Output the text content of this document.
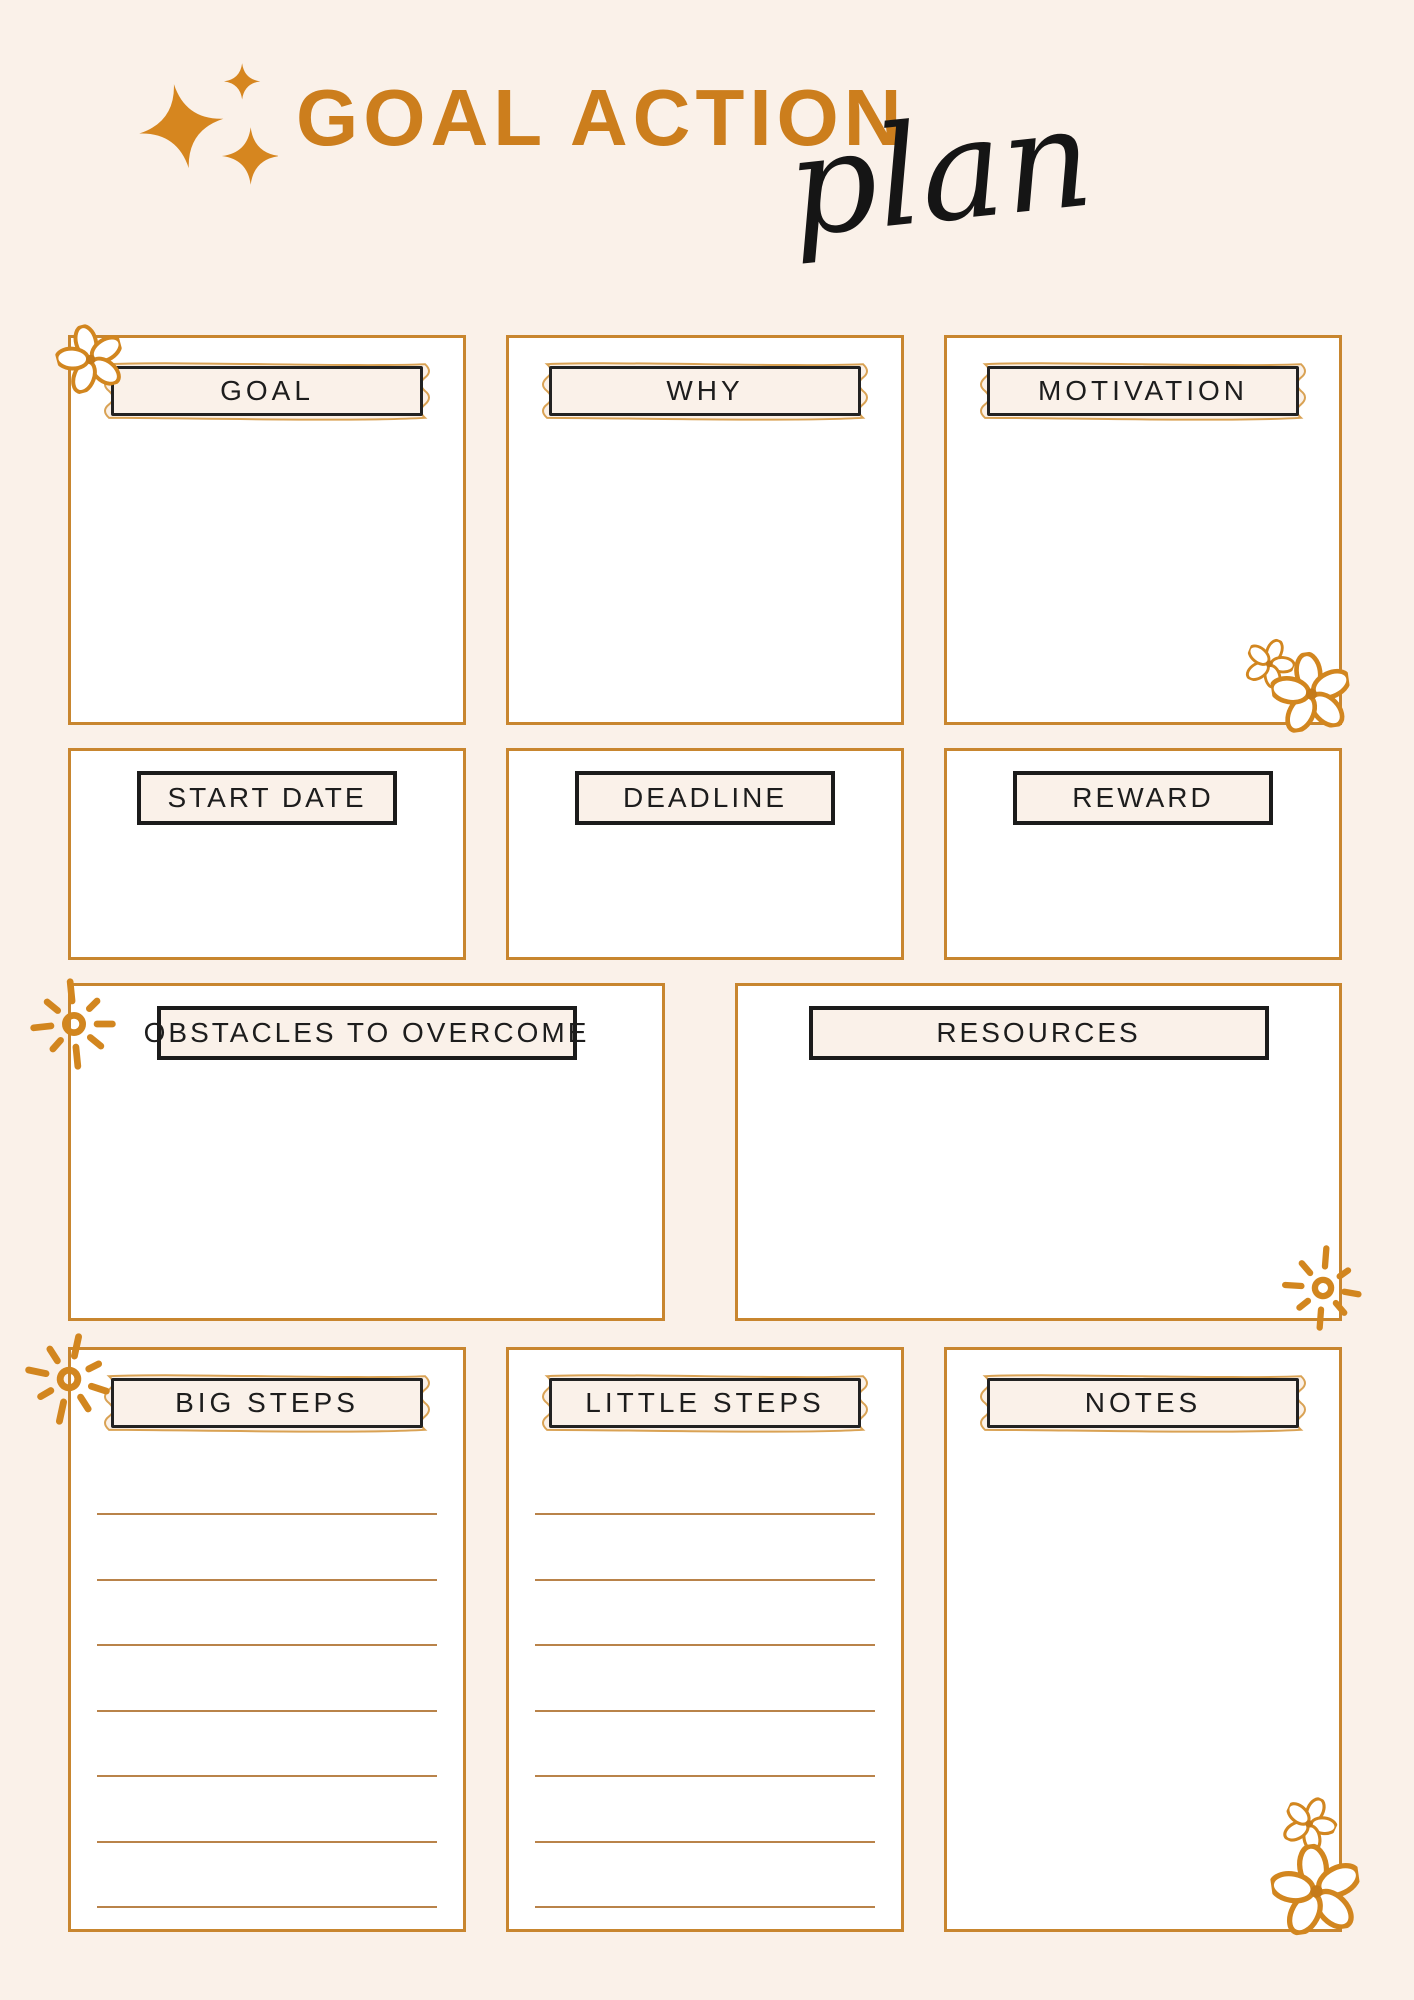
GOAL ACTION
plan
GOAL	WHY	MOTIVATION
START DATE	DEADLINE	REWARD
OBSTACLES TO OVERCOME	RESOURCES
BIG STEPS	LITTLE STEPS	NOTES
